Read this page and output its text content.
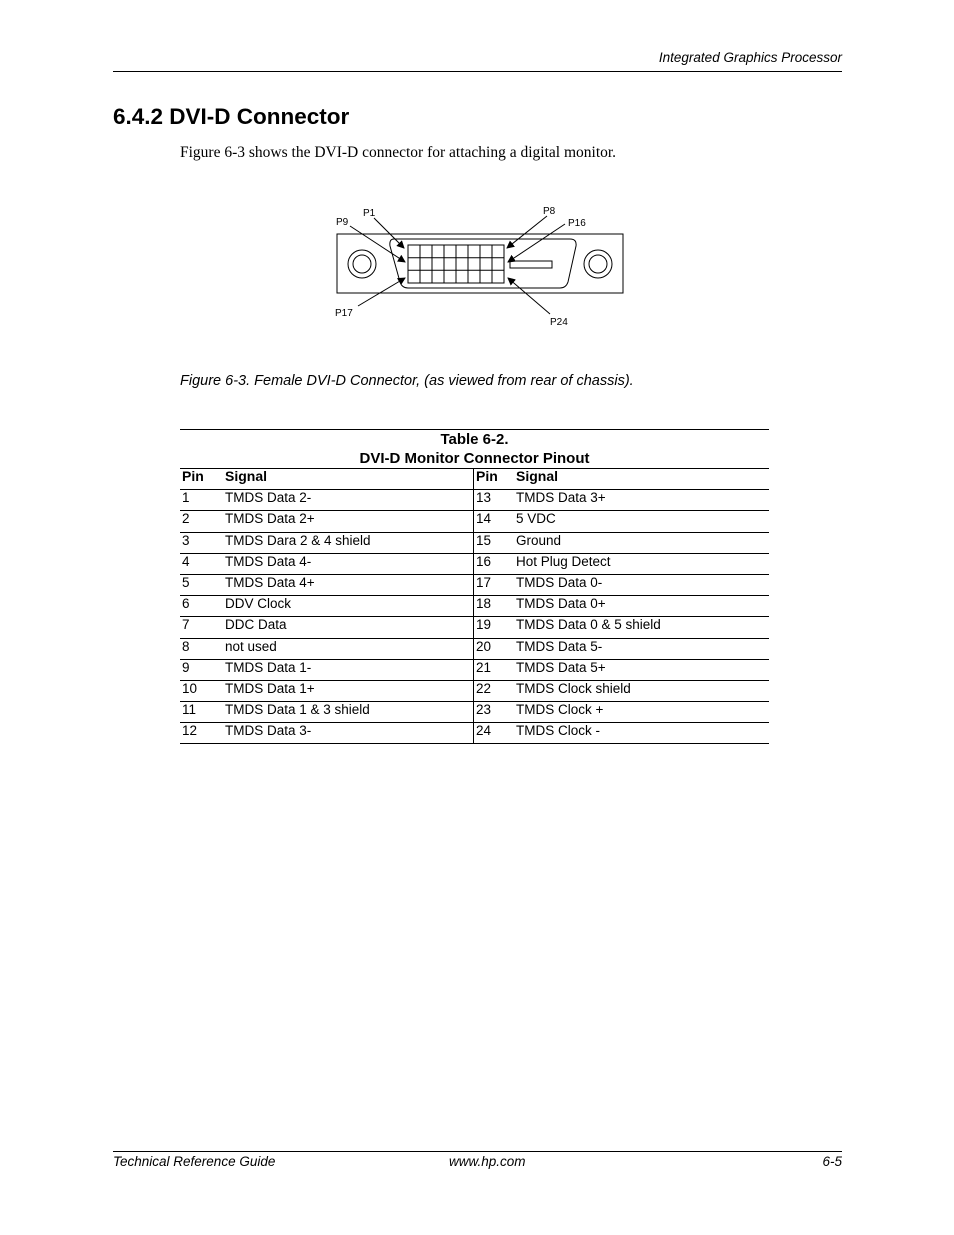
Integrated Graphics Processor
6.4.2 DVI-D Connector
Figure 6-3 shows the DVI-D connector for attaching a digital monitor.
P1
P9
P8
P16
P17
P24
Figure 6-3. Female DVI-D Connector, (as viewed from rear of chassis).
Table 6-2.
DVI-D Monitor Connector Pinout
Pin	Signal	Pin	Signal
1	TMDS Data 2-	13	TMDS Data 3+
2	TMDS Data 2+	14	5 VDC
3	TMDS Dara 2 & 4 shield	15	Ground
4	TMDS Data 4-	16	Hot Plug Detect
5	TMDS Data 4+	17	TMDS Data 0-
6	DDV Clock	18	TMDS Data 0+
7	DDC Data	19	TMDS Data 0 & 5 shield
8	not used	20	TMDS Data 5-
9	TMDS Data 1-	21	TMDS Data 5+
10	TMDS Data 1+	22	TMDS Clock shield
11	TMDS Data 1 & 3 shield	23	TMDS Clock +
12	TMDS Data 3-	24	TMDS Clock -
Technical Reference Guide	www.hp.com	6-5
